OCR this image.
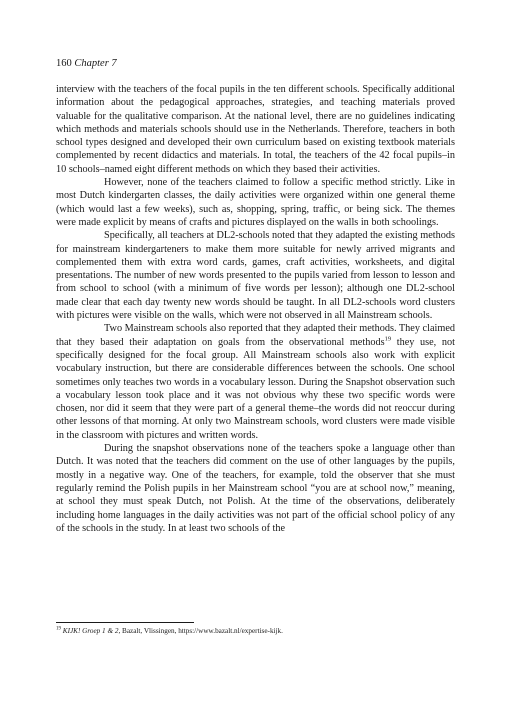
160 Chapter 7

interview with the teachers of the focal pupils in the ten different schools. Specifically additional information about the pedagogical approaches, strategies, and teaching materials proved valuable for the qualitative comparison. At the national level, there are no guidelines indicating which methods and materials schools should use in the Netherlands. Therefore, teachers in both school types designed and developed their own curriculum based on existing textbook materials complemented by recent didactics and materials. In total, the teachers of the 42 focal pupils–in 10 schools–named eight different methods on which they based their activities.

However, none of the teachers claimed to follow a specific method strictly. Like in most Dutch kindergarten classes, the daily activities were organized within one general theme (which would last a few weeks), such as, shopping, spring, traffic, or being sick. The themes were made explicit by means of crafts and pictures displayed on the walls in both schoolings.

Specifically, all teachers at DL2-schools noted that they adapted the existing methods for mainstream kindergarteners to make them more suitable for newly arrived migrants and complemented them with extra word cards, games, craft activities, worksheets, and digital presentations. The number of new words presented to the pupils varied from lesson to lesson and from school to school (with a minimum of five words per lesson); although one DL2-school made clear that each day twenty new words should be taught. In all DL2-schools word clusters with pictures were visible on the walls, which were not observed in all Mainstream schools.

Two Mainstream schools also reported that they adapted their methods. They claimed that they based their adaptation on goals from the observational methods$^{19}$ they use, not specifically designed for the focal group. All Mainstream schools also work with explicit vocabulary instruction, but there are considerable differences between the schools. One school sometimes only teaches two words in a vocabulary lesson. During the Snapshot observation such a vocabulary lesson took place and it was not obvious why these two specific words were chosen, nor did it seem that they were part of a general theme–the words did not reoccur during other lessons of that morning. At only two Mainstream schools, word clusters were made visible in the classroom with pictures and written words.

During the snapshot observations none of the teachers spoke a language other than Dutch. It was noted that the teachers did comment on the use of other languages by the pupils, mostly in a negative way. One of the teachers, for example, told the observer that she must regularly remind the Polish pupils in her Mainstream school “you are at school now,” meaning, at school they must speak Dutch, not Polish. At the time of the observations, deliberately including home languages in the daily activities was not part of the official school policy of any of the schools in the study. In at least two schools of the

$^{19}$ KIJK! Groep 1 & 2, Bazalt, Vlissingen, https://www.bazalt.nl/expertise-kijk.
